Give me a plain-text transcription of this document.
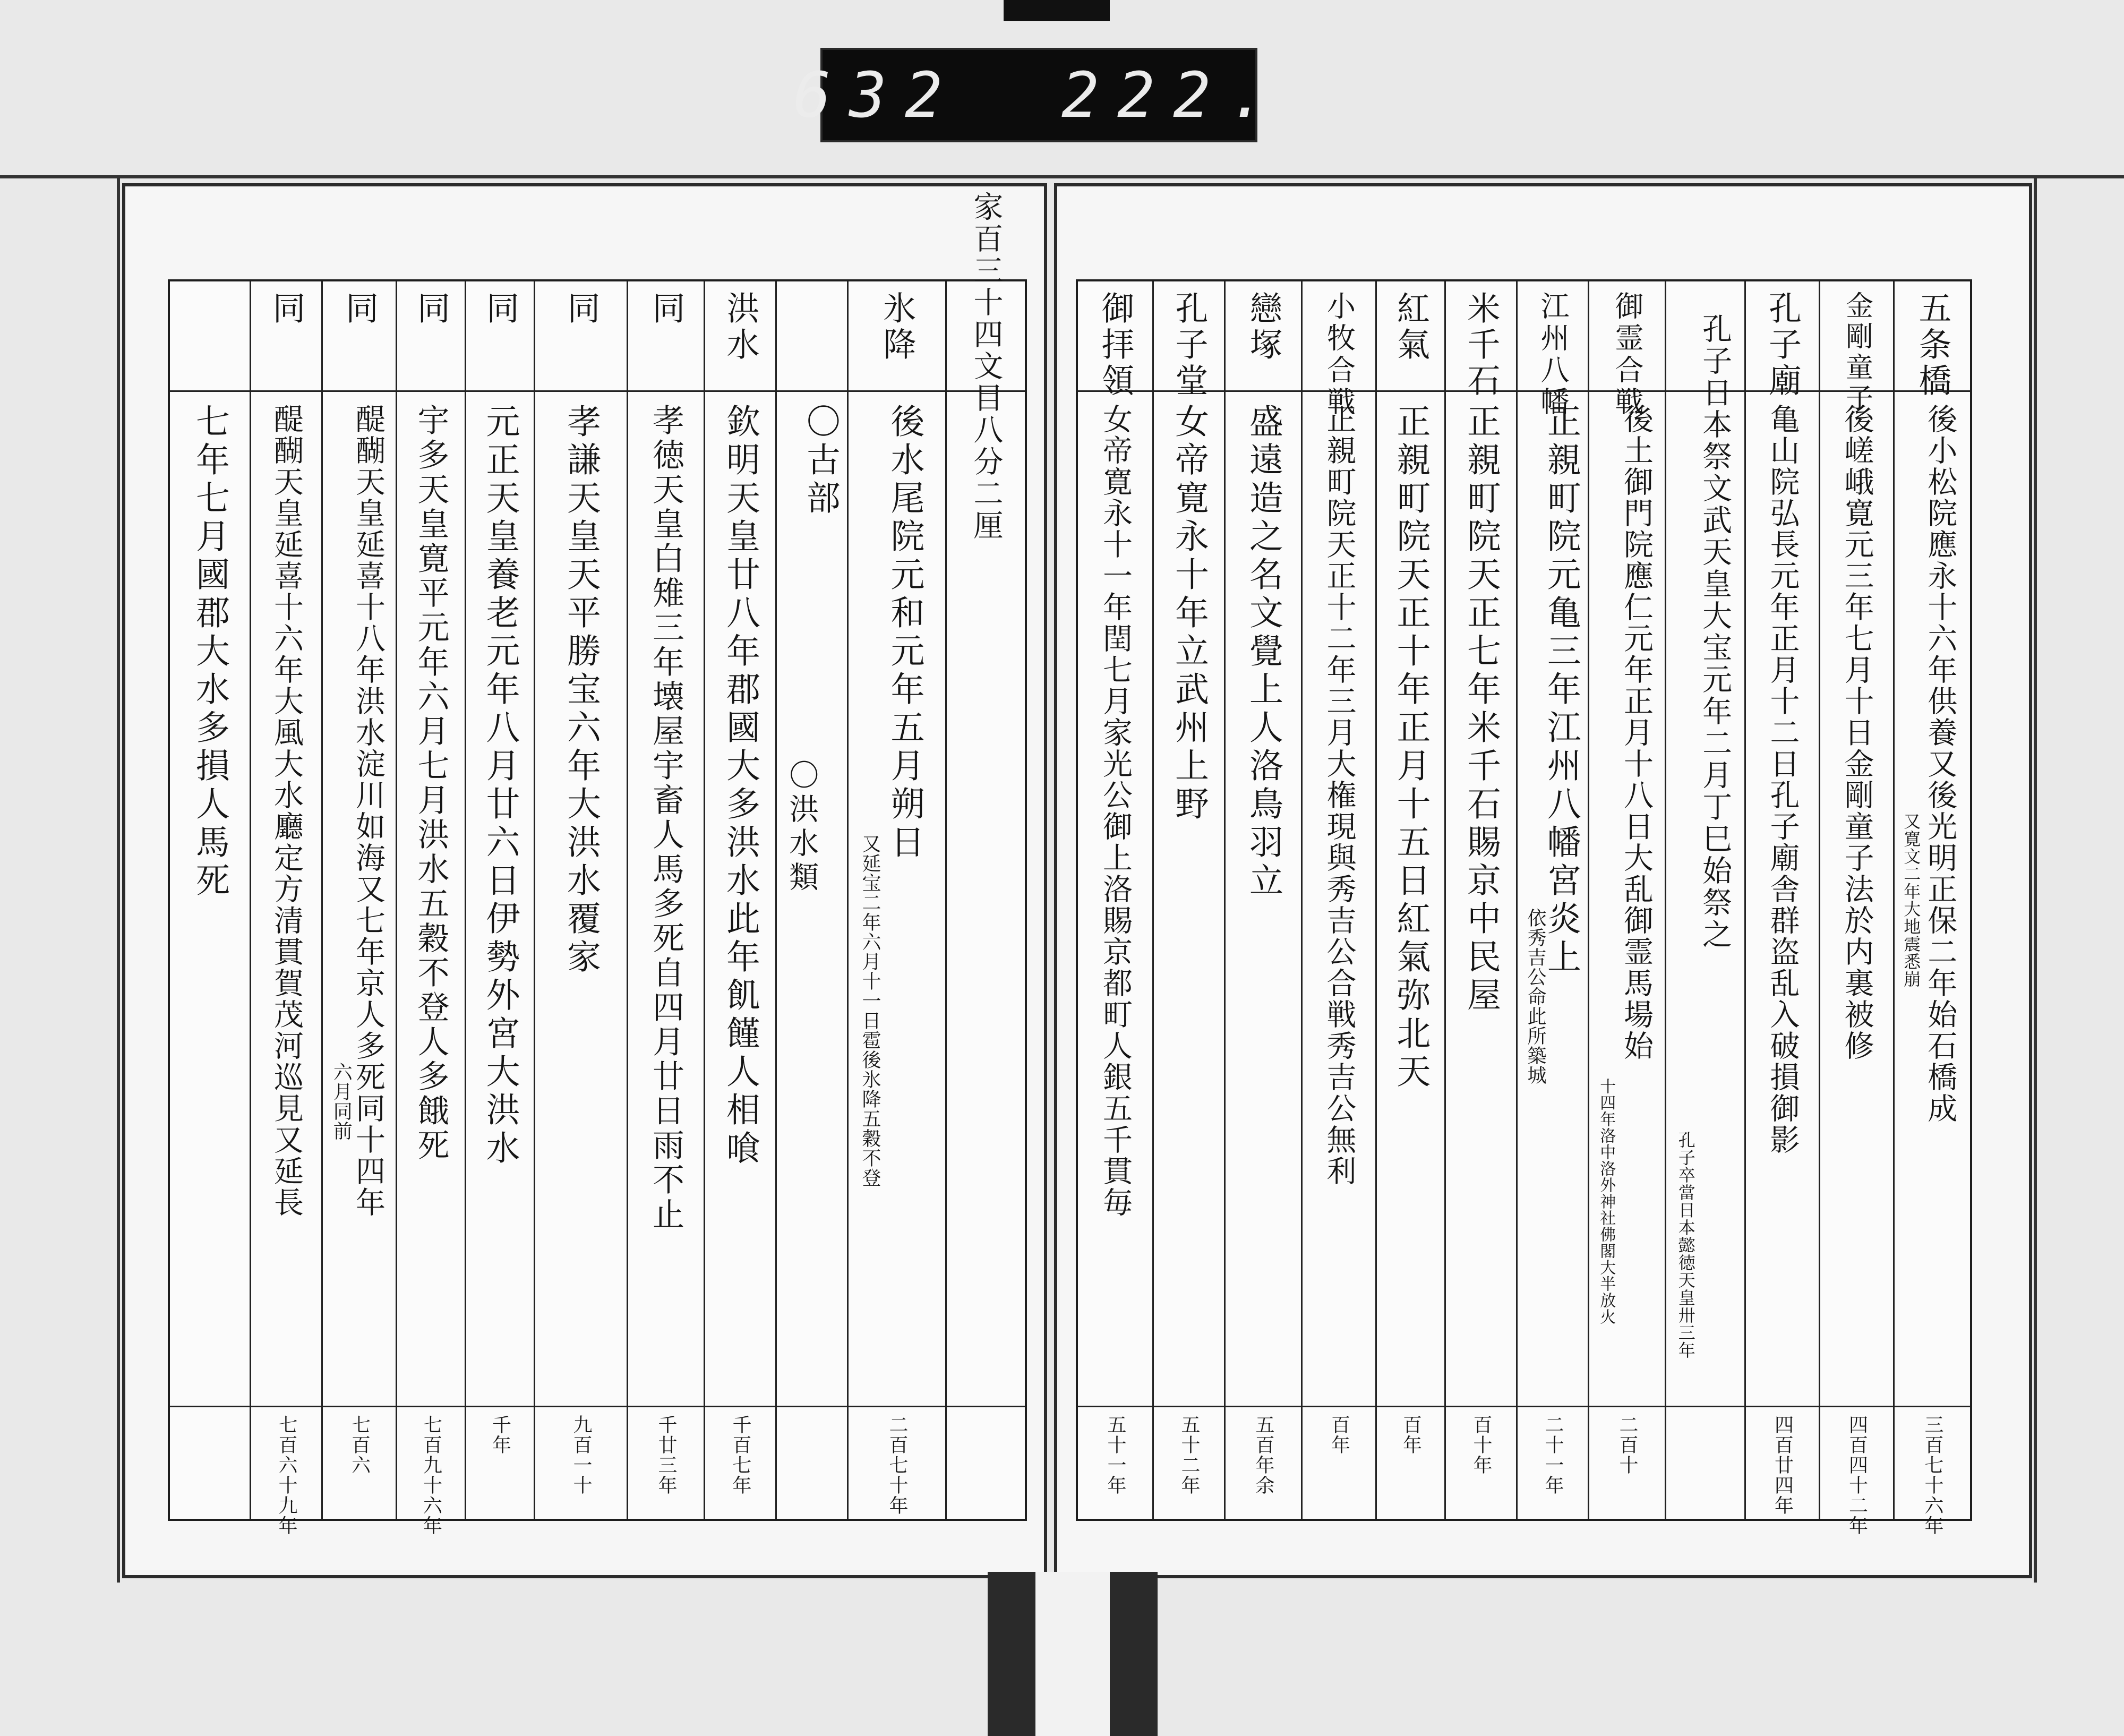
632 222.
七年七月國郡大水多損人馬死
同
醍醐天皇延喜十六年大風大水廳定方清貫賀茂河巡見又延長
七百六十九年
同
醍醐天皇延喜十八年洪水淀川如海又七年京人多死同十四年
六月同前
七百六
同
宇多天皇寛平元年六月七月洪水五穀不登人多餓死
七百九十六年
同
元正天皇養老元年八月廿六日伊勢外宮大洪水
千年
同
孝謙天皇天平勝宝六年大洪水覆家
九百一十
同
孝徳天皇白雉三年壊屋宇畜人馬多死自四月廿日雨不止
千廿三年
洪水
欽明天皇廿八年郡國大多洪水此年飢饉人相喰
千百七年
〇古部
〇洪水類
氷降
後水尾院元和元年五月朔日
又延宝二年六月十一日雹後氷降五穀不登
二百七十年
家百三十四文目八分二厘	御拝領
女帝寛永十一年閏七月家光公御上洛賜京都町人銀五千貫毎
五十一年
孔子堂
女帝寛永十年立武州上野
五十二年
戀塚
盛遠造之名文覺上人洛鳥羽立
五百年余
小牧合戦
正親町院天正十二年三月大権現與秀吉公合戦秀吉公無利
百年
紅氣
正親町院天正十年正月十五日紅氣弥北天
百年
米千石
正親町院天正七年米千石賜京中民屋
百十年
江州八幡
正親町院元亀三年江州八幡宮炎上
依秀吉公命此所築城
二十一年
御霊合戦
後土御門院應仁元年正月十八日大乱御霊馬場始
十四年洛中洛外神社佛閣大半放火
二百十
孔子日本祭文武天皇大宝元年二月丁巳始祭之
孔子卒當日本懿徳天皇卅三年
孔子廟
亀山院弘長元年正月十二日孔子廟舎群盗乱入破損御影
四百廿四年
金剛童子
後嵯峨寛元三年七月十日金剛童子法於内裏被修
四百四十二年
五条橋
後小松院應永十六年供養又後光明正保二年始石橋成
又寛文二年大地震悉崩
三百七十六年
